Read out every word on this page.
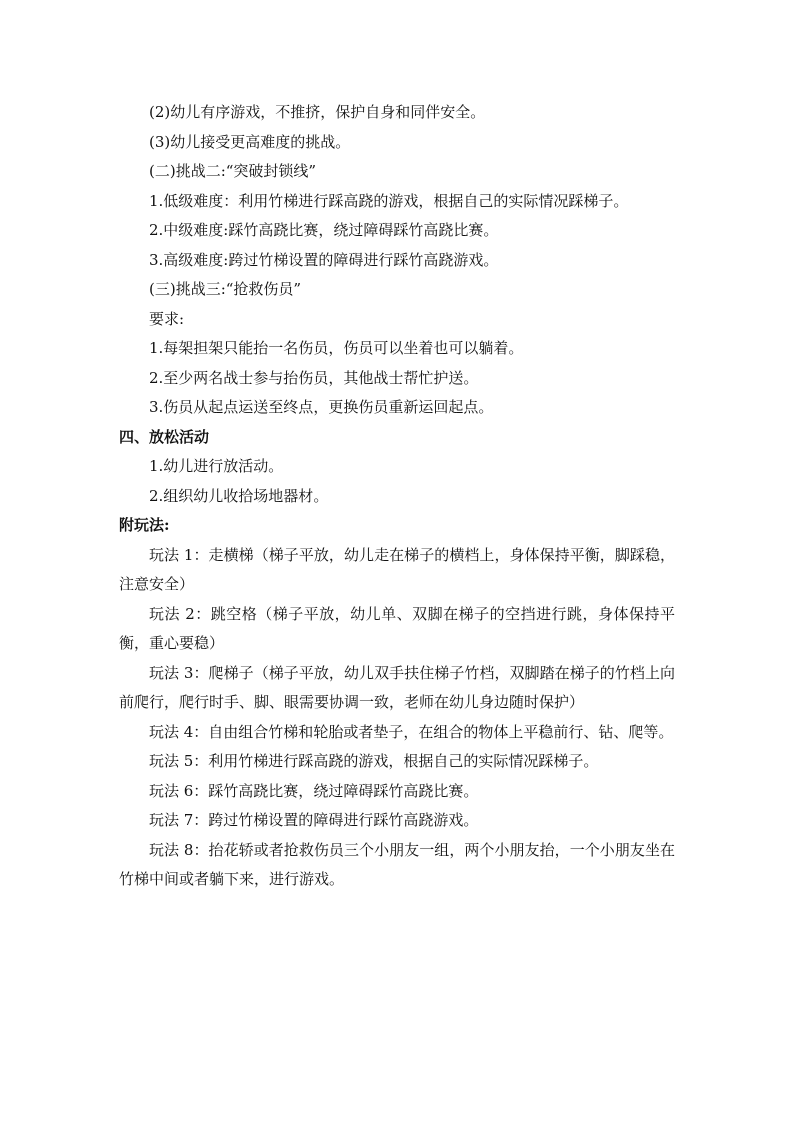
(2)幼儿有序游戏，不推挤，保护自身和同伴安全。
(3)幼儿接受更高难度的挑战。
(二)挑战二:“突破封锁线”
1.低级难度：利用竹梯进行踩高跷的游戏，根据自己的实际情况踩梯子。
2.中级难度:踩竹高跷比赛，绕过障碍踩竹高跷比赛。
3.高级难度:跨过竹梯设置的障碍进行踩竹高跷游戏。
(三)挑战三:“抢救伤员”
要求:
1.每架担架只能抬一名伤员，伤员可以坐着也可以躺着。
2.至少两名战士参与抬伤员，其他战士帮忙护送。
3.伤员从起点运送至终点，更换伤员重新运回起点。
四、放松活动
1.幼儿进行放活动。
2.组织幼儿收拾场地器材。
附玩法:
玩法 1：走横梯（梯子平放，幼儿走在梯子的横档上，身体保持平衡，脚踩稳，注意安全）
玩法 2：跳空格（梯子平放，幼儿单、双脚在梯子的空挡进行跳，身体保持平衡，重心要稳）
玩法 3：爬梯子（梯子平放，幼儿双手扶住梯子竹档，双脚踏在梯子的竹档上向前爬行，爬行时手、脚、眼需要协调一致，老师在幼儿身边随时保护）
玩法 4：自由组合竹梯和轮胎或者垫子，在组合的物体上平稳前行、钻、爬等。
玩法 5：利用竹梯进行踩高跷的游戏，根据自己的实际情况踩梯子。
玩法 6：踩竹高跷比赛，绕过障碍踩竹高跷比赛。
玩法 7：跨过竹梯设置的障碍进行踩竹高跷游戏。
玩法 8：抬花轿或者抢救伤员三个小朋友一组，两个小朋友抬，一个小朋友坐在竹梯中间或者躺下来，进行游戏。
